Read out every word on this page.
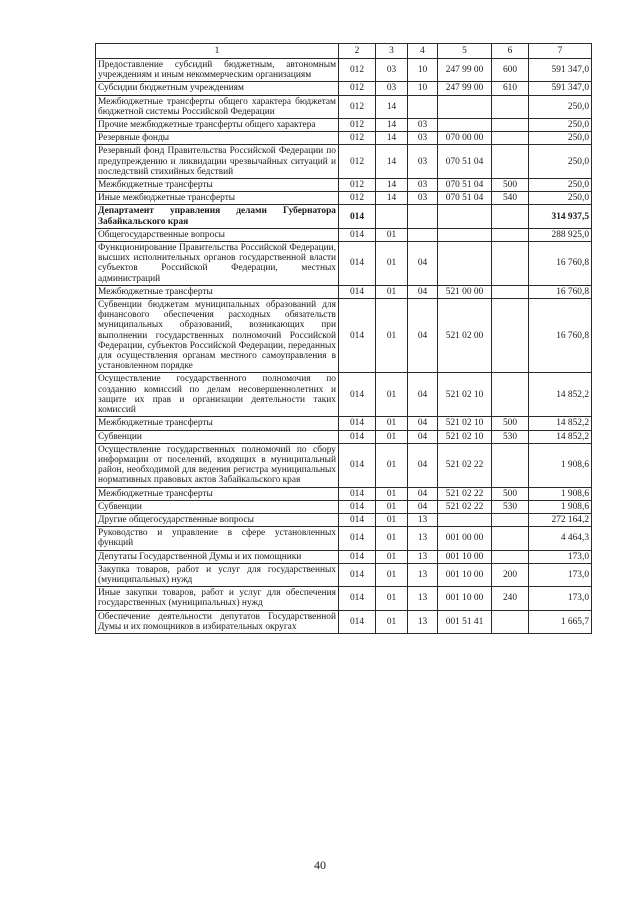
1	2	3	4	5	6	7
Предоставление субсидий бюджетным, автономным учреждениям и иным некоммерческим организациям	012	03	10	247 99 00	600	591 347,0
Субсидии бюджетным учреждениям	012	03	10	247 99 00	610	591 347,0
Межбюджетные трансферты общего характера бюджетам бюджетной системы Российской Федерации	012	14				250,0
Прочие межбюджетные трансферты общего характера	012	14	03			250,0
Резервные фонды	012	14	03	070 00 00		250,0
Резервный фонд Правительства Российской Федерации по предупреждению и ликвидации чрезвычайных ситуаций и последствий стихийных бедствий	012	14	03	070 51 04		250,0
Межбюджетные трансферты	012	14	03	070 51 04	500	250,0
Иные межбюджетные трансферты	012	14	03	070 51 04	540	250,0
Департамент управления делами Губернатора Забайкальского края	014					314 937,5
Общегосударственные вопросы	014	01				288 925,0
Функционирование Правительства Российской Федерации, высших исполнительных органов государственной власти субъектов Российской Федерации, местных администраций	014	01	04			16 760,8
Межбюджетные трансферты	014	01	04	521 00 00		16 760,8
Субвенции бюджетам муниципальных образований для финансового обеспечения расходных обязательств муниципальных образований, возникающих при выполнении государственных полномочий Российской Федерации, субъектов Российской Федерации, переданных для осуществления органам местного самоуправления в установленном порядке	014	01	04	521 02 00		16 760,8
Осуществление государственного полномочия по созданию комиссий по делам несовершеннолетних и защите их прав и организации деятельности таких комиссий	014	01	04	521 02 10		14 852,2
Межбюджетные трансферты	014	01	04	521 02 10	500	14 852,2
Субвенции	014	01	04	521 02 10	530	14 852,2
Осуществление государственных полномочий по сбору информации от поселений, входящих в муниципальный район, необходимой для ведения регистра муниципальных нормативных правовых актов Забайкальского края	014	01	04	521 02 22		1 908,6
Межбюджетные трансферты	014	01	04	521 02 22	500	1 908,6
Субвенции	014	01	04	521 02 22	530	1 908,6
Другие общегосударственные вопросы	014	01	13			272 164,2
Руководство и управление в сфере установленных функций	014	01	13	001 00 00		4 464,3
Депутаты Государственной Думы и их помощники	014	01	13	001 10 00		173,0
Закупка товаров, работ и услуг для государственных (муниципальных) нужд	014	01	13	001 10 00	200	173,0
Иные закупки товаров, работ и услуг для обеспечения государственных (муниципальных) нужд	014	01	13	001 10 00	240	173,0
Обеспечение деятельности депутатов Государственной Думы и их помощников в избирательных округах	014	01	13	001 51 41		1 665,7
40
